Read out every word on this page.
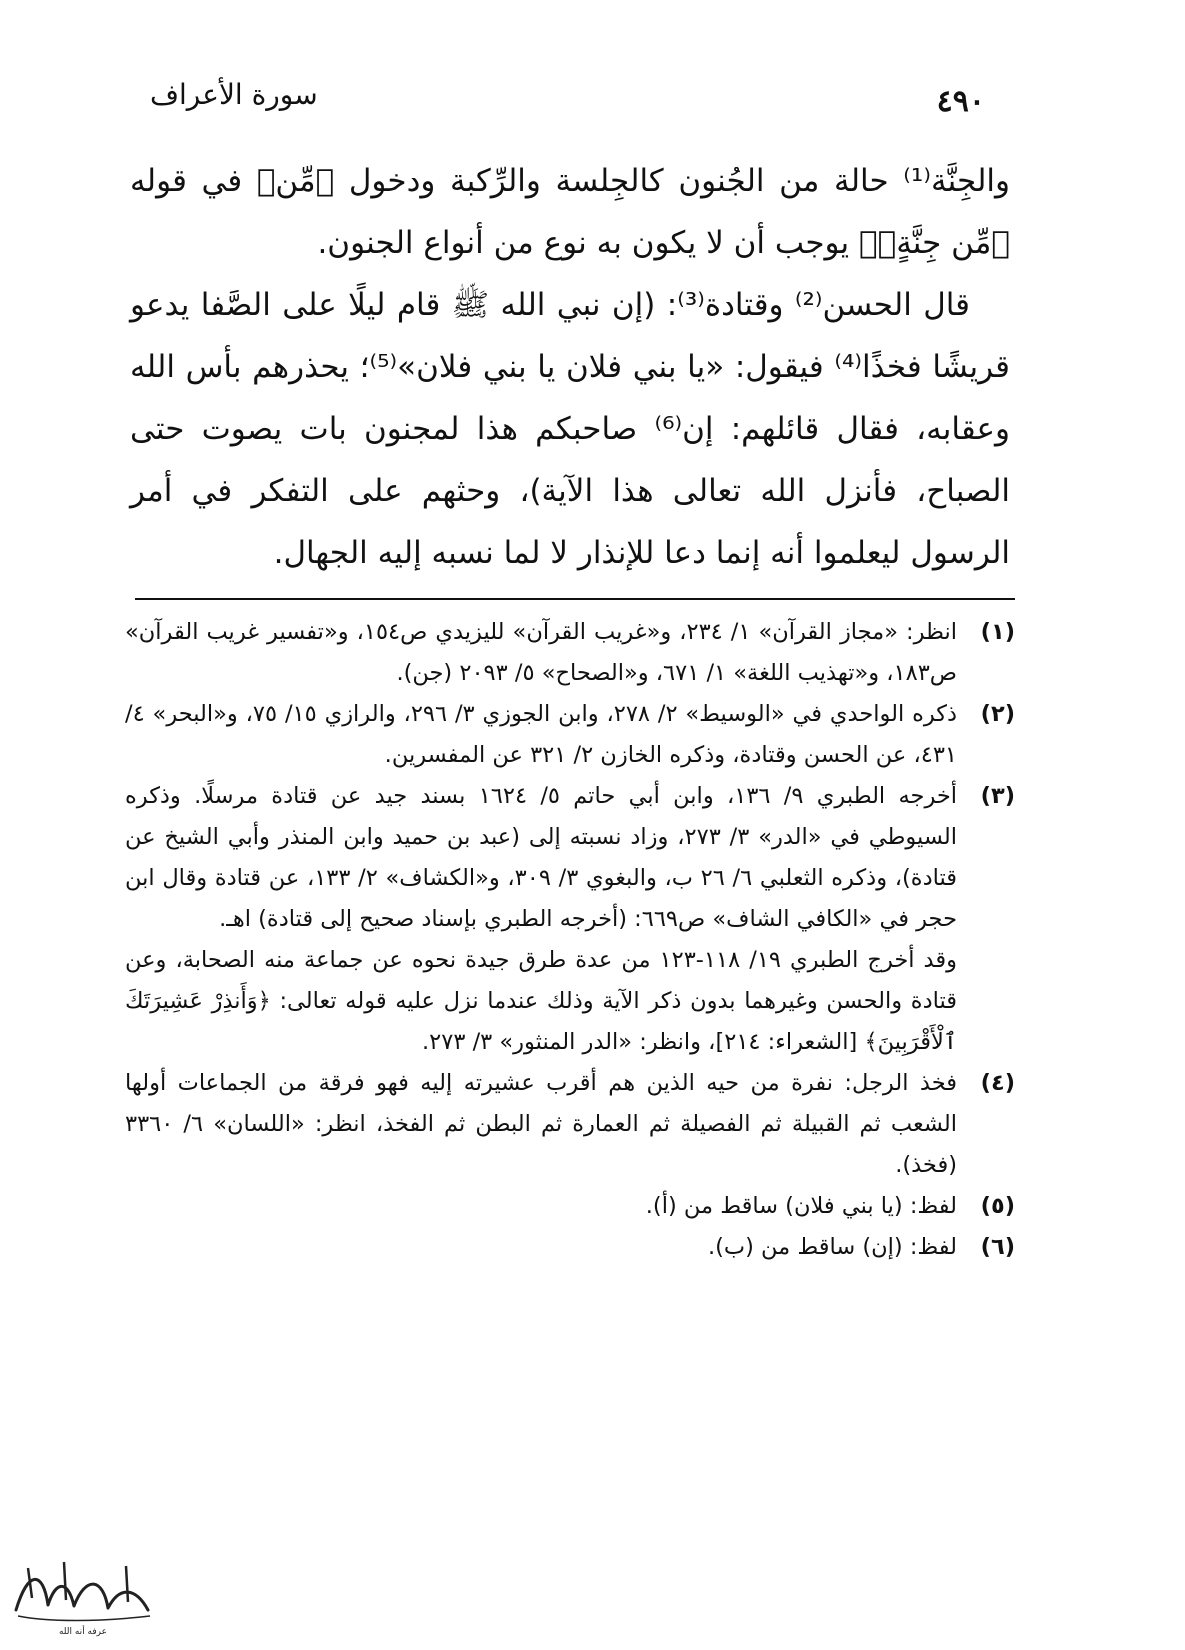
سورة الأعراف	٤٩٠

والجِنَّة⁽¹⁾ حالة من الجُنون كالجِلسة والرِّكبة ودخول ﴿مِّن﴾ في قوله ﴿مِّن جِنَّةٍۚ﴾ يوجب أن لا يكون به نوع من أنواع الجنون.

قال الحسن⁽²⁾ وقتادة⁽³⁾: (إن نبي الله ﷺ قام ليلًا على الصَّفا يدعو قريشًا فخذًا⁽⁴⁾ فيقول: «يا بني فلان يا بني فلان»⁽⁵⁾؛ يحذرهم بأس الله وعقابه، فقال قائلهم: إن⁽⁶⁾ صاحبكم هذا لمجنون بات يصوت حتى الصباح، فأنزل الله تعالى هذا الآية)، وحثهم على التفكر في أمر الرسول ليعلموا أنه إنما دعا للإنذار لا لما نسبه إليه الجهال.

(١)
انظر: «مجاز القرآن» ١/ ٢٣٤، و«غريب القرآن» لليزيدي ص١٥٤، و«تفسير غريب القرآن» ص١٨٣، و«تهذيب اللغة» ١/ ٦٧١، و«الصحاح» ٥/ ٢٠٩٣ (جن).
(٢)
ذكره الواحدي في «الوسيط» ٢/ ٢٧٨، وابن الجوزي ٣/ ٢٩٦، والرازي ١٥/ ٧٥، و«البحر» ٤/ ٤٣١، عن الحسن وقتادة، وذكره الخازن ٢/ ٣٢١ عن المفسرين.
(٣)
أخرجه الطبري ٩/ ١٣٦، وابن أبي حاتم ٥/ ١٦٢٤ بسند جيد عن قتادة مرسلًا. وذكره السيوطي في «الدر» ٣/ ٢٧٣، وزاد نسبته إلى (عبد بن حميد وابن المنذر وأبي الشيخ عن قتادة)، وذكره الثعلبي ٦/ ٢٦ ب، والبغوي ٣/ ٣٠٩، و«الكشاف» ٢/ ١٣٣، عن قتادة وقال ابن حجر في «الكافي الشاف» ص٦٦٩: (أخرجه الطبري بإسناد صحيح إلى قتادة) اهـ.
وقد أخرج الطبري ١٩/ ١١٨-١٢٣ من عدة طرق جيدة نحوه عن جماعة منه الصحابة، وعن قتادة والحسن وغيرهما بدون ذكر الآية وذلك عندما نزل عليه قوله تعالى: ﴿وَأَنذِرْ عَشِيرَتَكَ ٱلْأَقْرَبِينَ﴾ [الشعراء: ٢١٤]، وانظر: «الدر المنثور» ٣/ ٢٧٣.
(٤)
فخذ الرجل: نفرة من حيه الذين هم أقرب عشيرته إليه فهو فرقة من الجماعات أولها الشعب ثم القبيلة ثم الفصيلة ثم العمارة ثم البطن ثم الفخذ، انظر: «اللسان» ٦/ ٣٣٦٠ (فخذ).
(٥)
لفظ: (يا بني فلان) ساقط من (أ).
(٦)
لفظ: (إن) ساقط من (ب).
عرفه أنه الله
